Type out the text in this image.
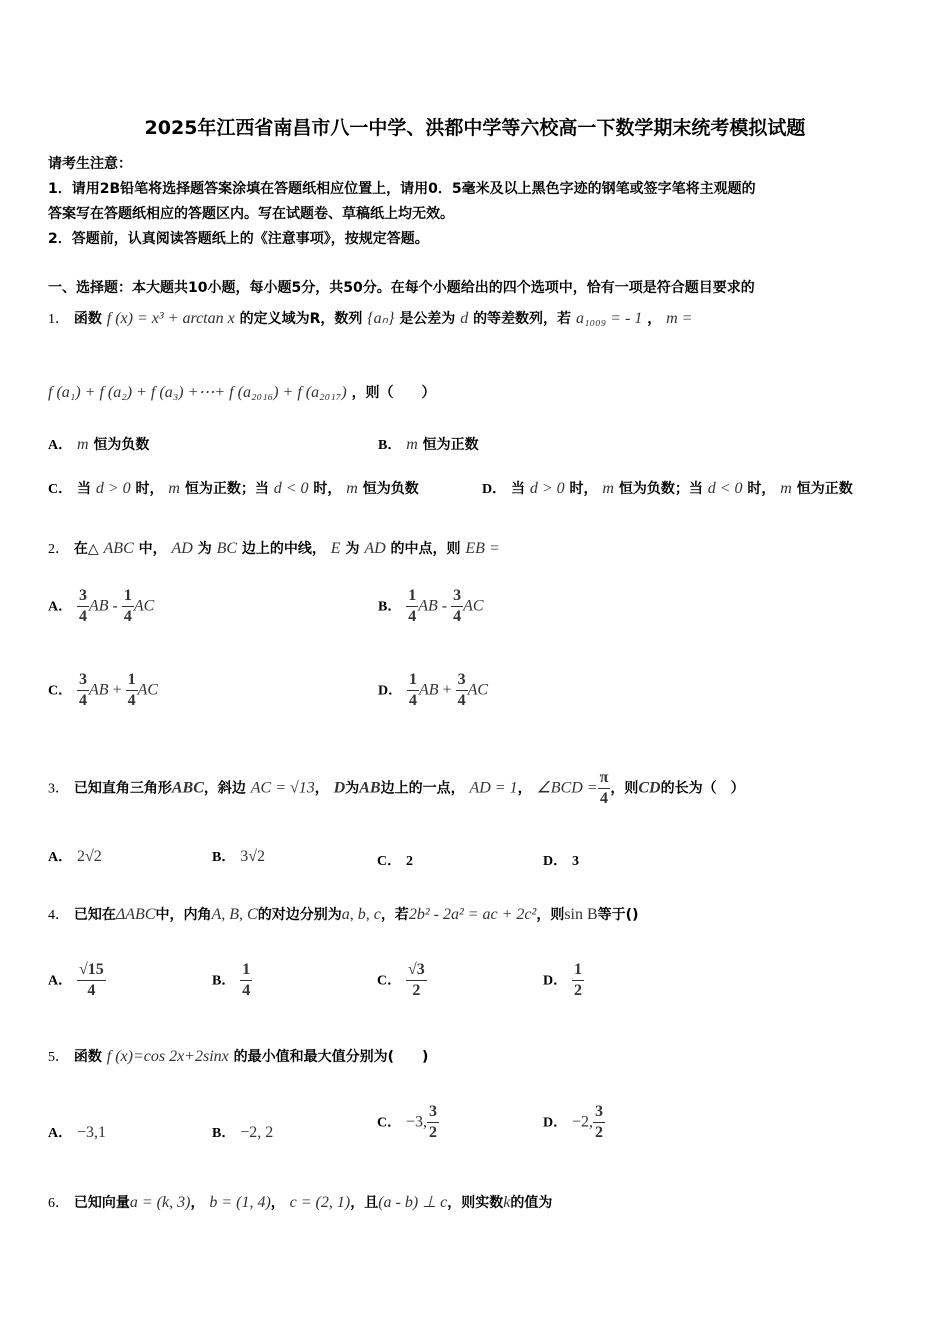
2025年江西省南昌市八一中学、洪都中学等六校高一下数学期末统考模拟试题
请考生注意：
1．请用2B铅笔将选择题答案涂填在答题纸相应位置上，请用0．5毫米及以上黑色字迹的钢笔或签字笔将主观题的
答案写在答题纸相应的答题区内。写在试题卷、草稿纸上均无效。
2．答题前，认真阅读答题纸上的《注意事项》，按规定答题。
一、选择题：本大题共10小题，每小题5分，共50分。在每个小题给出的四个选项中，恰有一项是符合题目要求的
1． 函数 f (x) = x³ + arctan x 的定义域为R，数列 {aₙ} 是公差为 d 的等差数列，若 a₁₀₀₉ = - 1 ， m =
f (a₁) + f (a₂) + f (a₃) +⋯+ f (a₂₀₁₆) + f (a₂₀₁₇) ，则（　　）
A． m 恒为负数	B． m 恒为正数
C． 当 d > 0 时， m 恒为正数；当 d < 0 时， m 恒为负数	D． 当 d > 0 时， m 恒为负数；当 d < 0 时， m 恒为正数
2． 在△ ABC 中， AD 为 BC 边上的中线， E 为 AD 的中点，则 EB =
A． $\frac{3}{4}$ AB - $\frac{1}{4}$ AC	B． $\frac{1}{4}$ AB - $\frac{3}{4}$ AC
C． $\frac{3}{4}$ AB + $\frac{1}{4}$ AC	D． $\frac{1}{4}$ AB + $\frac{3}{4}$ AC
3． 已知直角三角形ABC，斜边 AC = √13， D为AB边上的一点， AD = 1， ∠BCD = $\frac{\pi}{4}$ ，则CD的长为（　）
A． 2√2	B． 3√2	C． 2	D． 3
4． 已知在ΔABC中，内角A, B, C的对边分别为a, b, c，若2b² - 2a² = ac + 2c²，则sin B等于()
A． $\frac{√15}{4}$	B． $\frac{1}{4}$	C． $\frac{√3}{2}$	D． $\frac{1}{2}$
5． 函数 f (x)=cos 2x+2sinx 的最小值和最大值分别为(　　)
A． −3,1	B． −2, 2
C． −3, $\frac{3}{2}$	D． −2, $\frac{3}{2}$
6． 已知向量a = (k, 3)， b = (1, 4)， c = (2, 1)，且(a - b) ⊥ c，则实数k的值为
